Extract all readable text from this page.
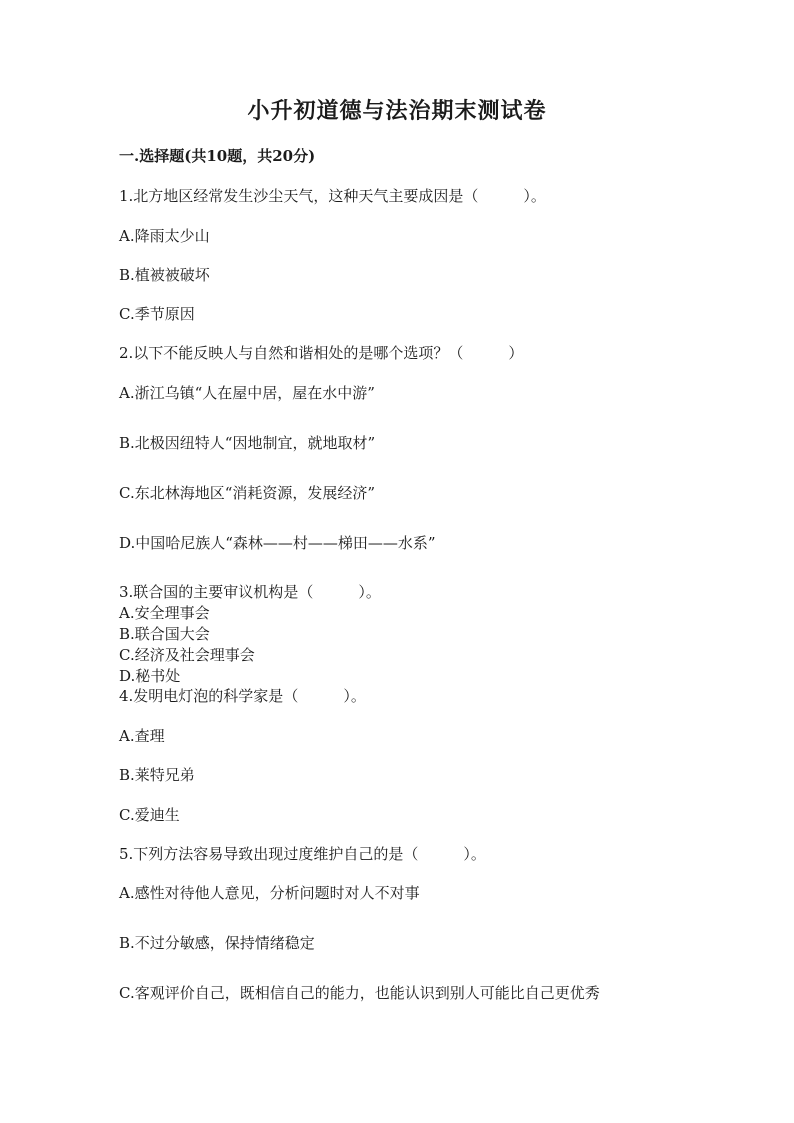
小升初道德与法治期末测试卷
一.选择题(共10题，共20分)
1.北方地区经常发生沙尘天气，这种天气主要成因是（　　　）。
A.降雨太少山
B.植被被破坏
C.季节原因
2.以下不能反映人与自然和谐相处的是哪个选项？（　　　）
A.浙江乌镇“人在屋中居，屋在水中游”
B.北极因纽特人“因地制宜，就地取材”
C.东北林海地区“消耗资源，发展经济”
D.中国哈尼族人“森林——村——梯田——水系”
3.联合国的主要审议机构是（　　　）。
A.安全理事会
B.联合国大会
C.经济及社会理事会
D.秘书处
4.发明电灯泡的科学家是（　　　）。
A.查理
B.莱特兄弟
C.爱迪生
5.下列方法容易导致出现过度维护自己的是（　　　）。
A.感性对待他人意见，分析问题时对人不对事
B.不过分敏感，保持情绪稳定
C.客观评价自己，既相信自己的能力，也能认识到别人可能比自己更优秀
